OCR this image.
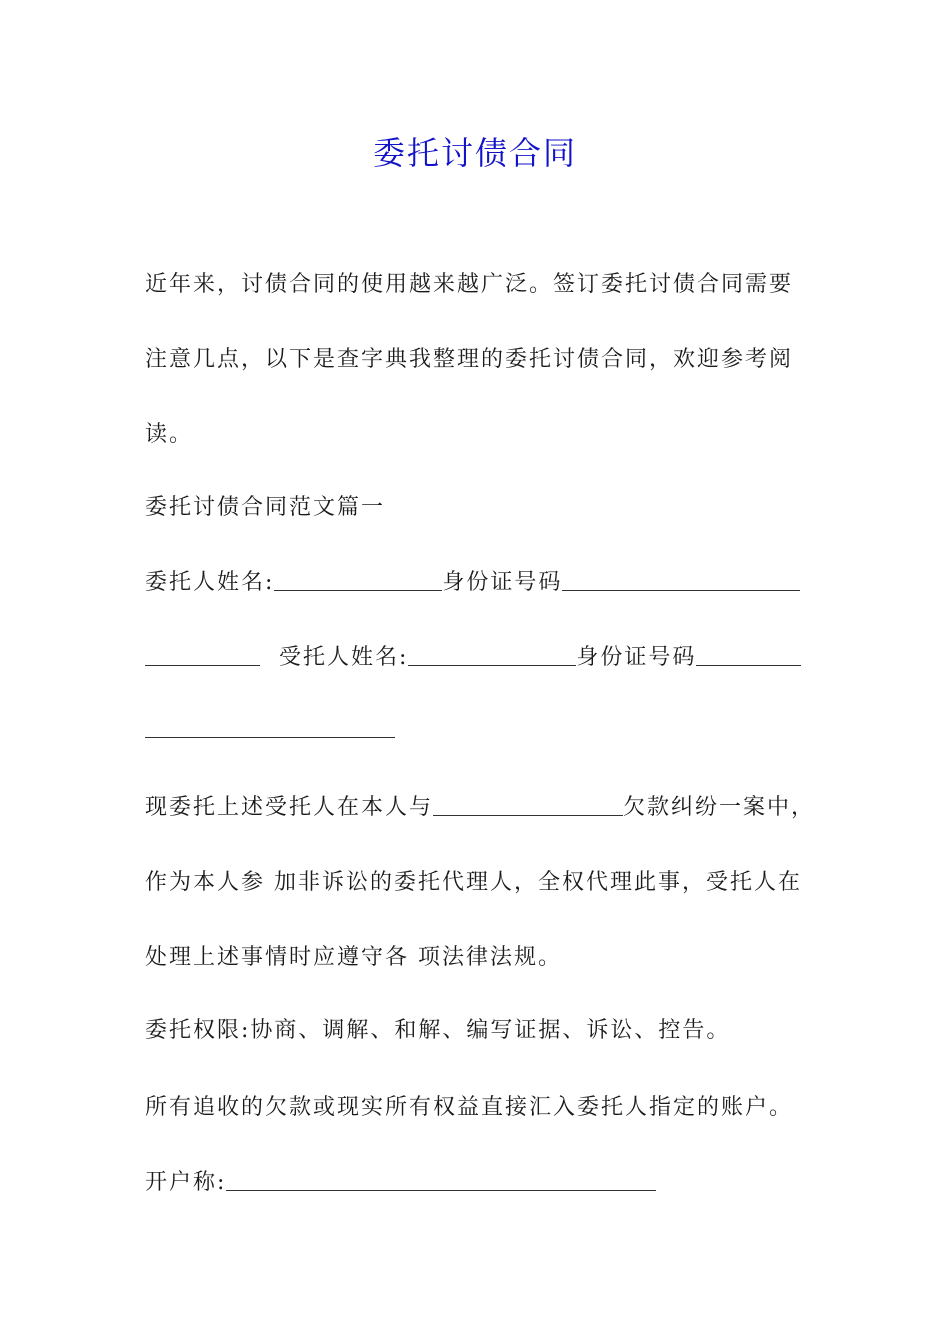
委托讨债合同
近年来，讨债合同的使用越来越广泛。签订委托讨债合同需要
注意几点，以下是查字典我整理的委托讨债合同，欢迎参考阅
读。
委托讨债合同范文篇一
委托人姓名:	身份证号码
受托人姓名:	身份证号码
现委托上述受托人在本人与	欠款纠纷一案中，
作为本人参 加非诉讼的委托代理人，全权代理此事，受托人在
处理上述事情时应遵守各 项法律法规。
委托权限:协商、调解、和解、编写证据、诉讼、控告。
所有追收的欠款或现实所有权益直接汇入委托人指定的账户。
开户称:
